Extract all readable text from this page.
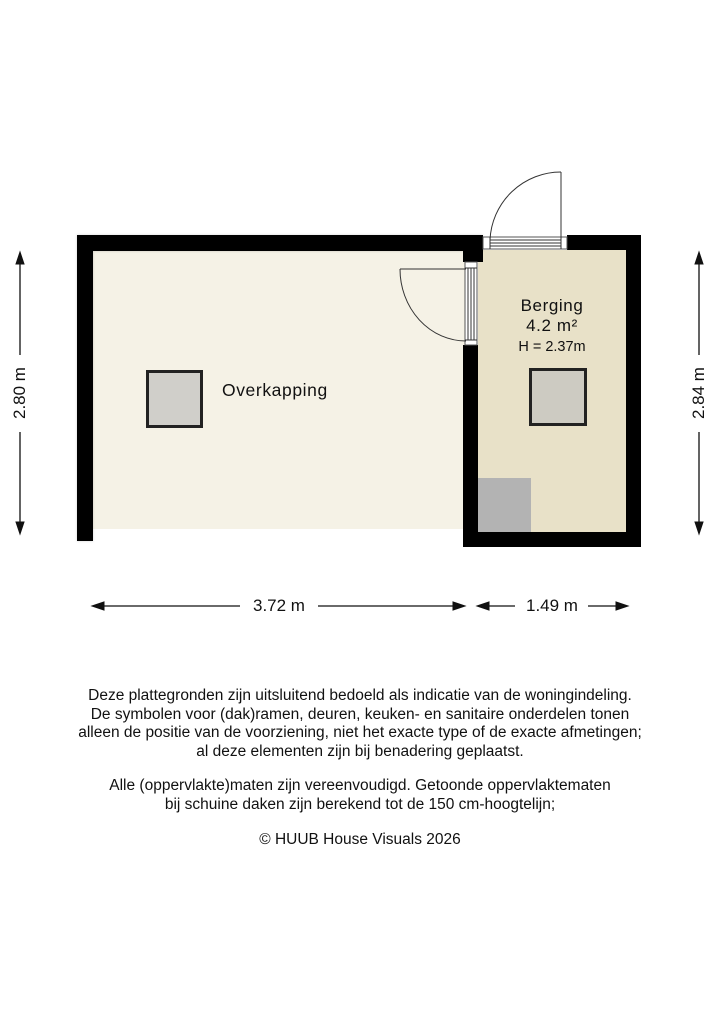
Overkapping
Berging
4.2 m²
H = 2.37m
2.80 m	2.84 m
3.72 m	1.49 m

Deze plattegronden zijn uitsluitend bedoeld als indicatie van de woningindeling.

De symbolen voor (dak)ramen, deuren, keuken- en sanitaire onderdelen tonen

alleen de positie van de voorziening, niet het exacte type of de exacte afmetingen;

al deze elementen zijn bij benadering geplaatst.

Alle (oppervlakte)maten zijn vereenvoudigd. Getoonde oppervlaktematen

bij schuine daken zijn berekend tot de 150 cm-hoogtelijn;

© HUUB House Visuals 2026
